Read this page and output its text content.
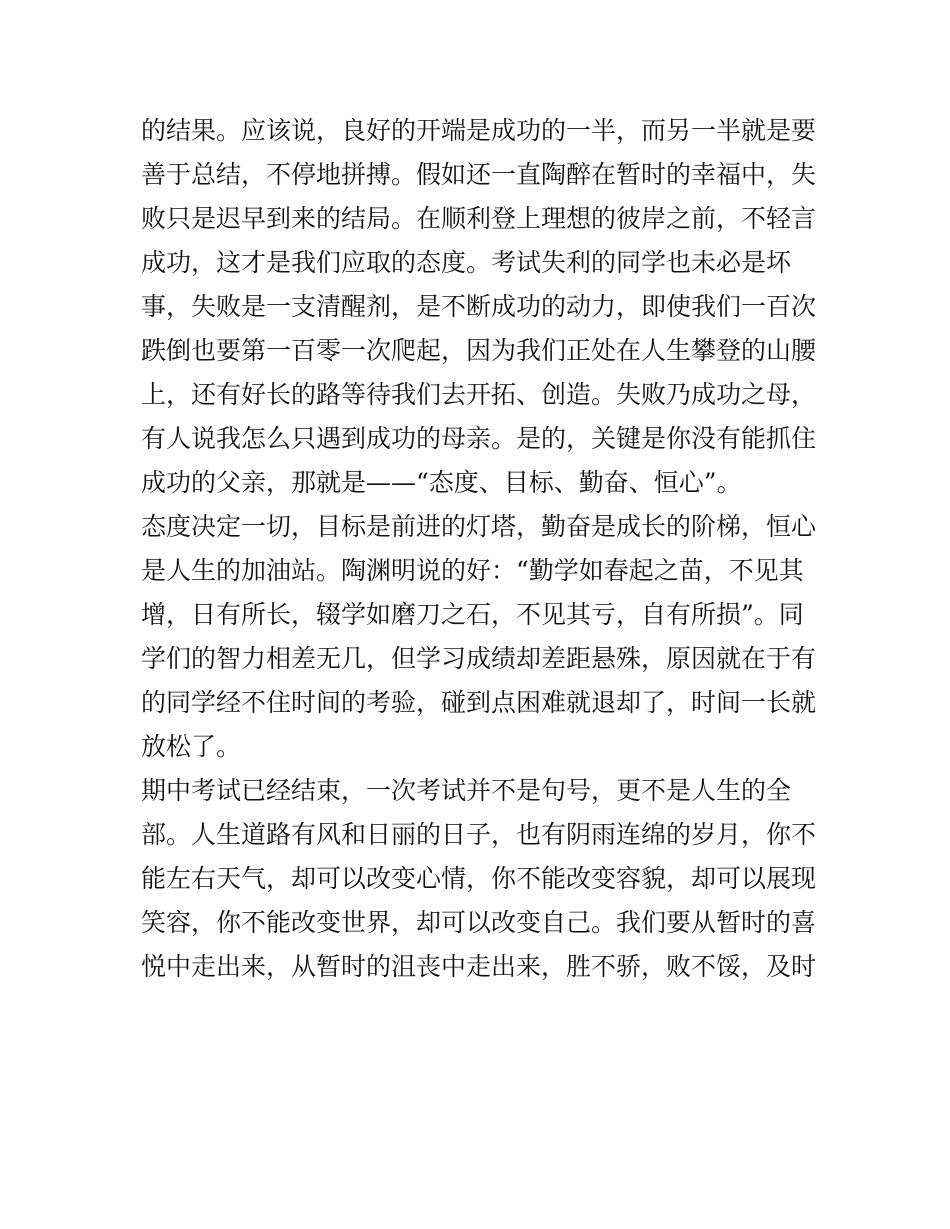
的结果。应该说，良好的开端是成功的一半，而另一半就是要
善于总结，不停地拼搏。假如还一直陶醉在暂时的幸福中，失
败只是迟早到来的结局。在顺利登上理想的彼岸之前，不轻言
成功，这才是我们应取的态度。考试失利的同学也未必是坏
事，失败是一支清醒剂，是不断成功的动力，即使我们一百次
跌倒也要第一百零一次爬起，因为我们正处在人生攀登的山腰
上，还有好长的路等待我们去开拓、创造。失败乃成功之母，
有人说我怎么只遇到成功的母亲。是的，关键是你没有能抓住
成功的父亲，那就是——“态度、目标、勤奋、恒心”。
态度决定一切，目标是前进的灯塔，勤奋是成长的阶梯，恒心
是人生的加油站。陶渊明说的好：“勤学如春起之苗，不见其
增，日有所长，辍学如磨刀之石，不见其亏，自有所损”。同
学们的智力相差无几，但学习成绩却差距悬殊，原因就在于有
的同学经不住时间的考验，碰到点困难就退却了，时间一长就
放松了。
期中考试已经结束，一次考试并不是句号，更不是人生的全
部。人生道路有风和日丽的日子，也有阴雨连绵的岁月，你不
能左右天气，却可以改变心情，你不能改变容貌，却可以展现
笑容，你不能改变世界，却可以改变自己。我们要从暂时的喜
悦中走出来，从暂时的沮丧中走出来，胜不骄，败不馁，及时
